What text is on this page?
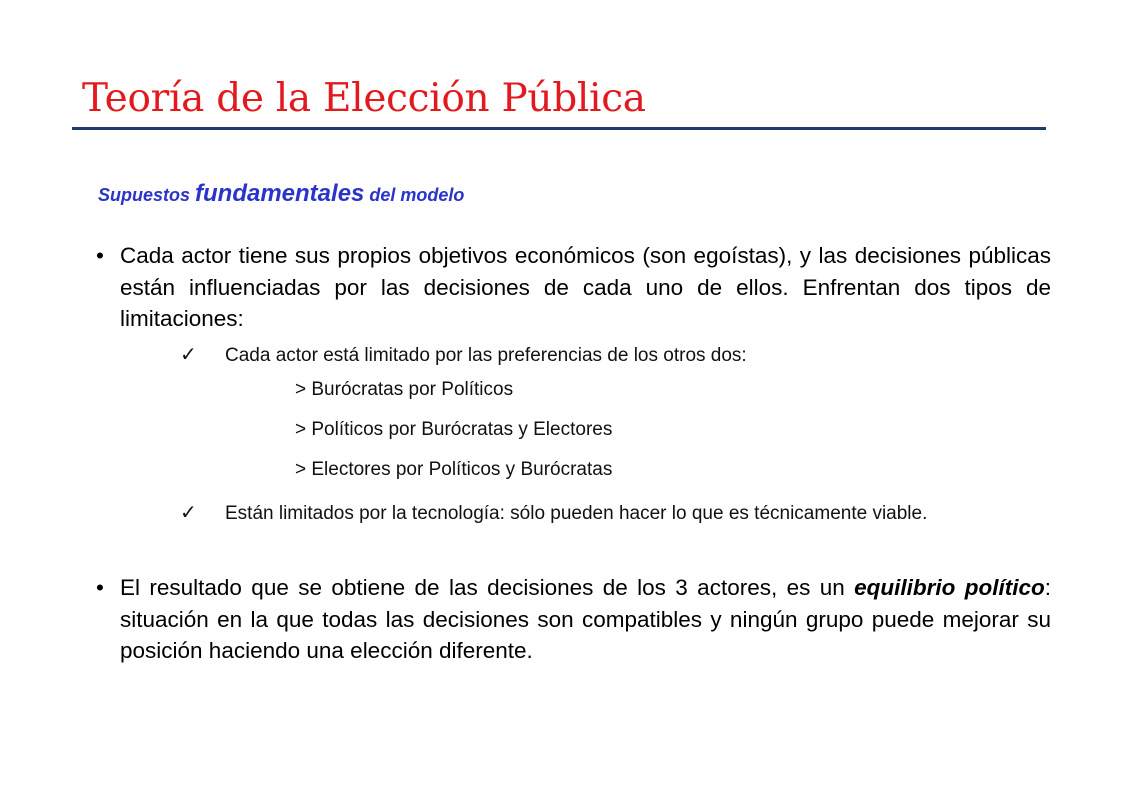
Teoría de la Elección Pública
Supuestos fundamentales del modelo
• Cada actor tiene sus propios objetivos económicos (son egoístas), y las decisiones públicas están influenciadas por las decisiones de cada uno de ellos. Enfrentan dos tipos de limitaciones:
✓	Cada actor está limitado por las preferencias de los otros dos:
> Burócratas por Políticos
> Políticos por Burócratas y Electores
> Electores por Políticos y Burócratas
✓	Están limitados por la tecnología: sólo pueden hacer lo que es técnicamente viable.
• El resultado que se obtiene de las decisiones de los 3 actores, es un equilibrio político: situación en la que todas las decisiones son compatibles y ningún grupo puede mejorar su posición haciendo una elección diferente.
